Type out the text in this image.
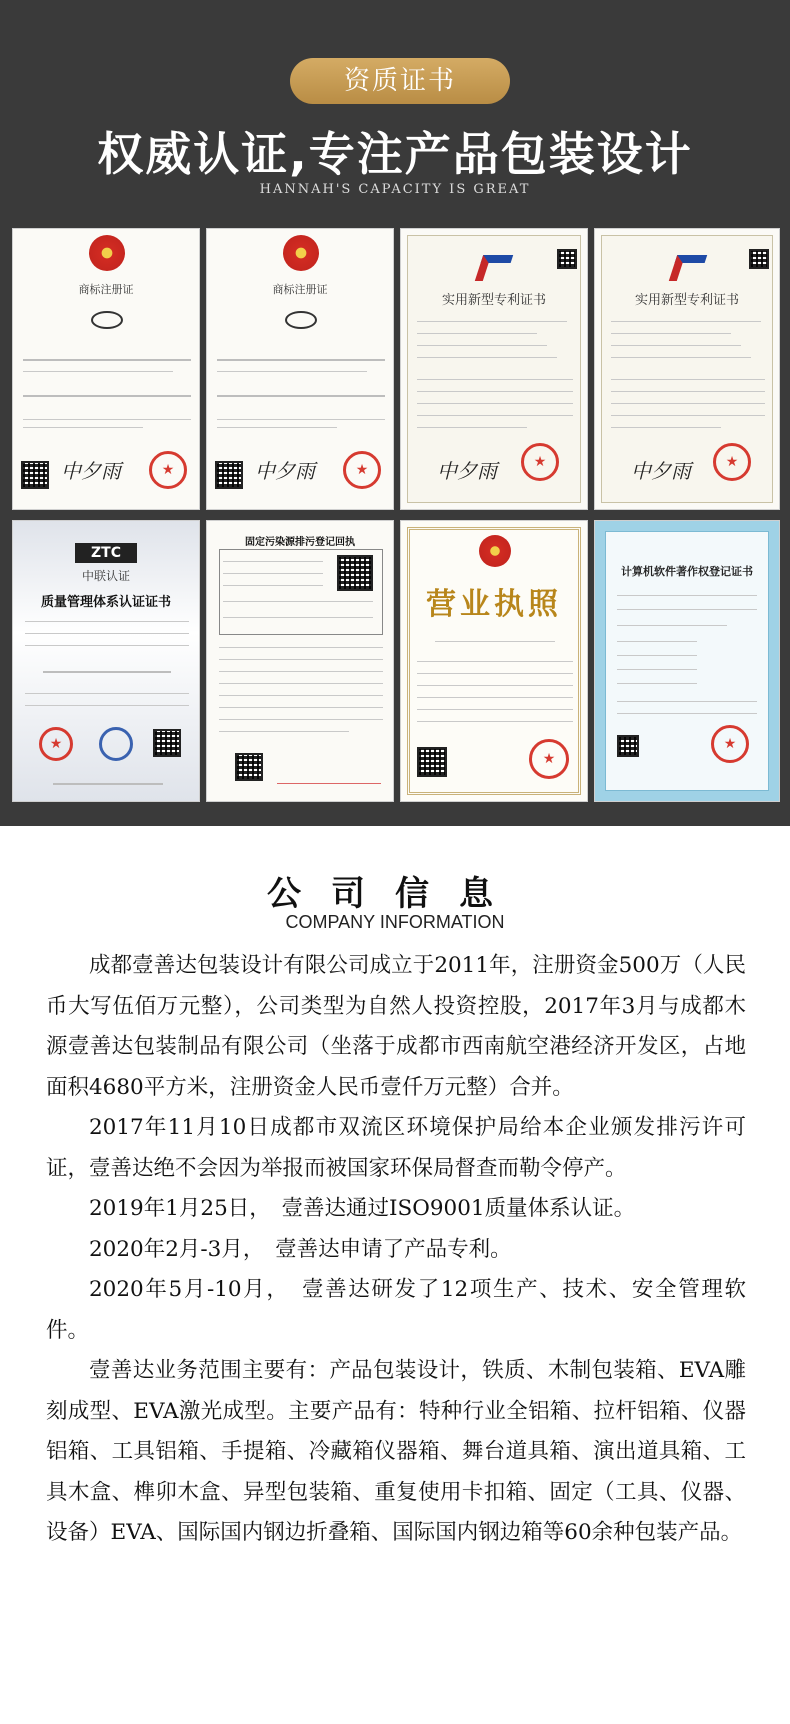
资质证书
权威认证,专注产品包装设计
HANNAH'S CAPACITY IS GREAT
商标注册证
中夕雨
★
商标注册证
中夕雨
★
实用新型专利证书
中夕雨
★
实用新型专利证书
中夕雨
★
ZTC
中联认证
质量管理体系认证证书
★
固定污染源排污登记回执
营业执照
★
计算机软件著作权登记证书
★
公司信息
COMPANY INFORMATION

成都壹善达包装设计有限公司成立于2011年，注册资金500万（人民币大写伍佰万元整），公司类型为自然人投资控股，2017年3月与成都木源壹善达包装制品有限公司（坐落于成都市西南航空港经济开发区，占地面积4680平方米，注册资金人民币壹仟万元整）合并。

2017年11月10日成都市双流区环境保护局给本企业颁发排污许可证，壹善达绝不会因为举报而被国家环保局督查而勒令停产。

2019年1月25日，　壹善达通过ISO9001质量体系认证。

2020年2月-3月，　壹善达申请了产品专利。

2020年5月-10月，　壹善达研发了12项生产、技术、安全管理软件。

壹善达业务范围主要有：产品包装设计，铁质、木制包装箱、EVA雕刻成型、EVA激光成型。主要产品有：特种行业全铝箱、拉杆铝箱、仪器铝箱、工具铝箱、手提箱、冷藏箱仪器箱、舞台道具箱、演出道具箱、工具木盒、榫卯木盒、异型包装箱、重复使用卡扣箱、固定（工具、仪器、设备）EVA、国际国内钢边折叠箱、国际国内钢边箱等60余种包装产品。
